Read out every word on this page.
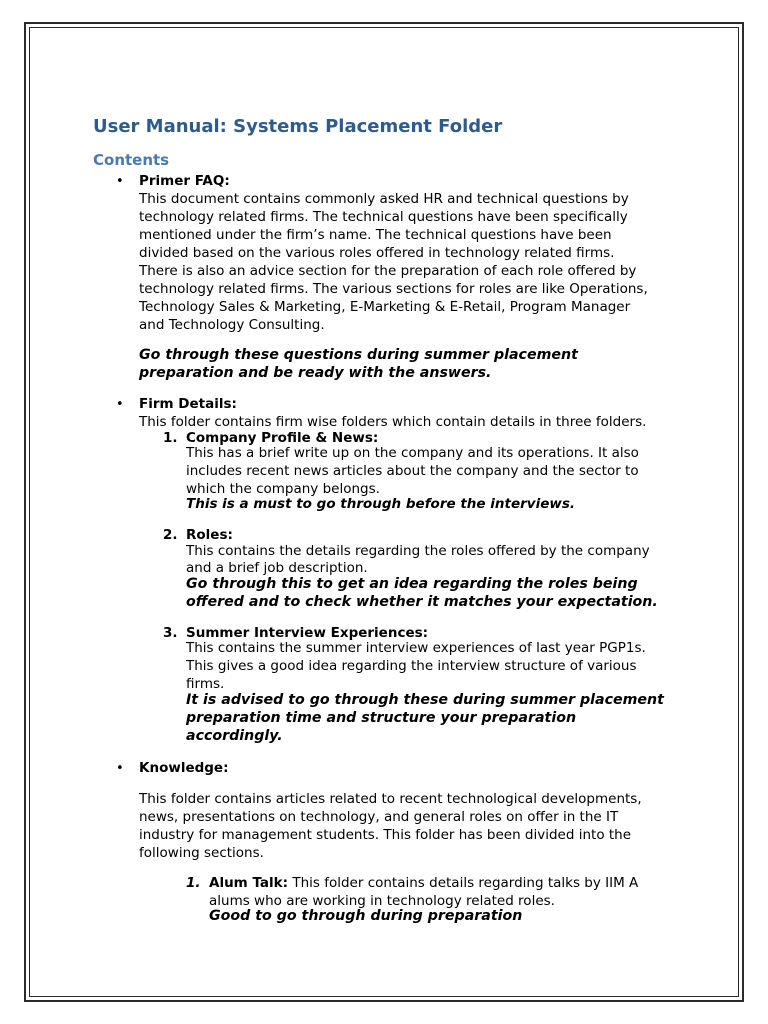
User Manual: Systems Placement Folder
Contents
• Primer FAQ:
This document contains commonly asked HR and technical questions by
technology related firms. The technical questions have been specifically
mentioned under the firm’s name. The technical questions have been
divided based on the various roles offered in technology related firms.
There is also an advice section for the preparation of each role offered by
technology related firms. The various sections for roles are like Operations,
Technology Sales & Marketing, E-Marketing & E-Retail, Program Manager
and Technology Consulting.
Go through these questions during summer placement
preparation and be ready with the answers.
• Firm Details:
This folder contains firm wise folders which contain details in three folders.
1. Company Profile & News:
This has a brief write up on the company and its operations. It also
includes recent news articles about the company and the sector to
which the company belongs.
This is a must to go through before the interviews.
2. Roles:
This contains the details regarding the roles offered by the company
and a brief job description.
Go through this to get an idea regarding the roles being
offered and to check whether it matches your expectation.
3. Summer Interview Experiences:
This contains the summer interview experiences of last year PGP1s.
This gives a good idea regarding the interview structure of various
firms.
It is advised to go through these during summer placement
preparation time and structure your preparation
accordingly.
• Knowledge:
This folder contains articles related to recent technological developments,
news, presentations on technology, and general roles on offer in the IT
industry for management students. This folder has been divided into the
following sections.
1. Alum Talk: This folder contains details regarding talks by IIM A
alums who are working in technology related roles.
Good to go through during preparation
